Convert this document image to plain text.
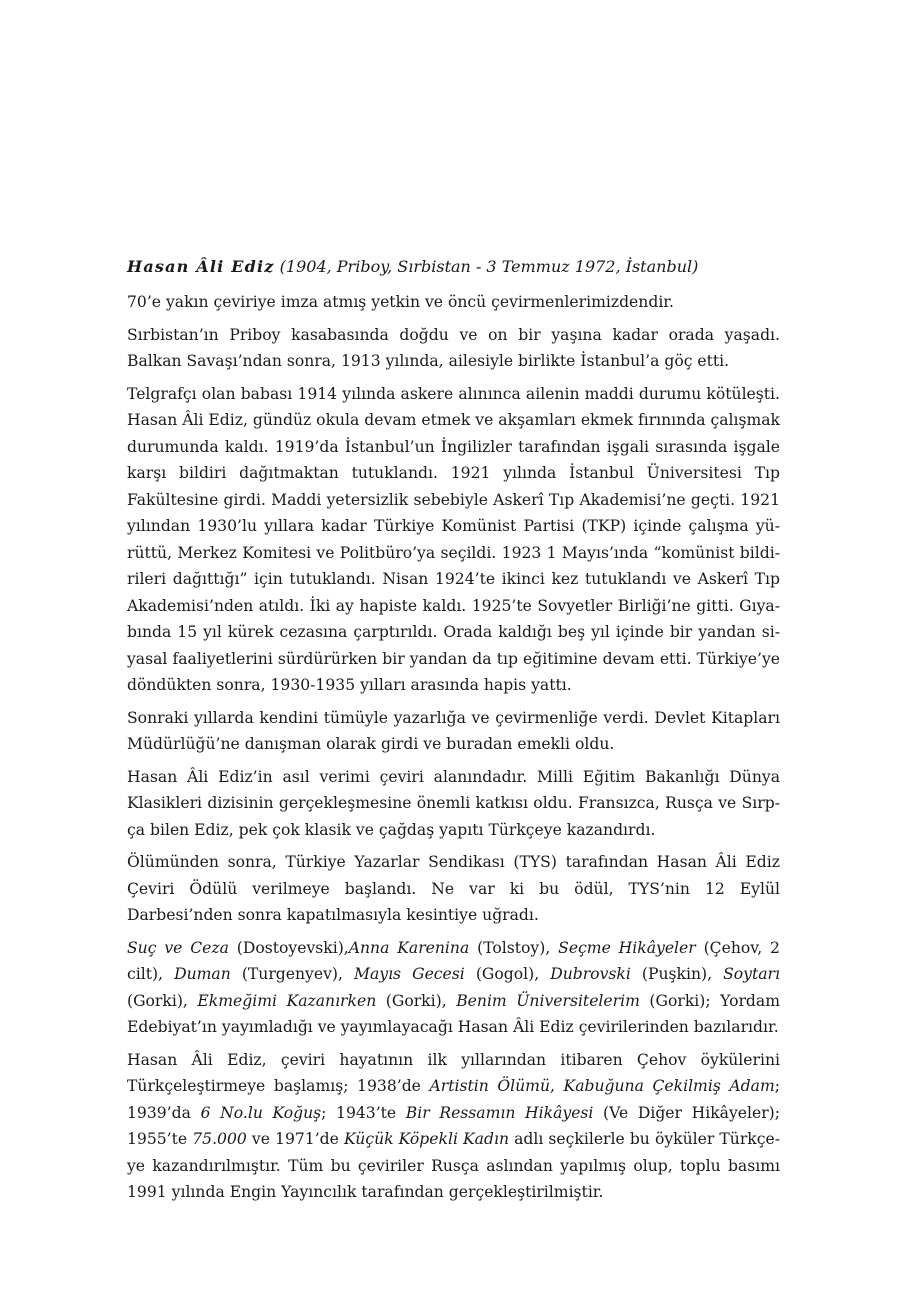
Hasan Âli Ediz (1904, Priboy, Sırbistan - 3 Temmuz 1972, İstanbul)

70’e yakın çeviriye imza atmış yetkin ve öncü çevirmenlerimizdendir.

Sırbistan’ın Priboy kasabasında doğdu ve on bir yaşına kadar orada yaşadı. Balkan Savaşı’ndan sonra, 1913 yılında, ailesiyle birlikte İstanbul’a göç etti.

Telgrafçı olan babası 1914 yılında askere alınınca ailenin maddi durumu kötüleşti. Hasan Âli Ediz, gündüz okula devam etmek ve akşamları ekmek fırınında çalışmak durumunda kaldı. 1919’da İstanbul’un İngilizler tarafından işgali sırasında işgale karşı bildiri dağıtmaktan tutuklandı. 1921 yılında İstanbul Üniversitesi Tıp Fakültesine girdi. Maddi yetersizlik sebebiyle Askerî Tıp Akademisi’ne geçti. 1921 yılından 1930’lu yıllara kadar Türkiye Komünist Partisi (TKP) içinde çalışma yürüttü, Merkez Komitesi ve Politbüro’ya seçildi. 1923 1 Mayıs’ında “komünist bildirileri dağıttığı” için tutuklandı. Nisan 1924’te ikinci kez tutuklandı ve Askerî Tıp Akademisi’nden atıldı. İki ay hapiste kaldı. 1925’te Sovyetler Birliği’ne gitti. Gıyabında 15 yıl kürek cezasına çarptırıldı. Orada kaldığı beş yıl içinde bir yandan siyasal faaliyetlerini sürdürürken bir yandan da tıp eğitimine devam etti. Türkiye’ye döndükten sonra, 1930-1935 yılları arasında hapis yattı.

Sonraki yıllarda kendini tümüyle yazarlığa ve çevirmenliğe verdi. Devlet Kitapları Müdürlüğü’ne danışman olarak girdi ve buradan emekli oldu.

Hasan Âli Ediz’in asıl verimi çeviri alanındadır. Milli Eğitim Bakanlığı Dünya Klasikleri dizisinin gerçekleşmesine önemli katkısı oldu. Fransızca, Rusça ve Sırpça bilen Ediz, pek çok klasik ve çağdaş yapıtı Türkçeye kazandırdı.

Ölümünden sonra, Türkiye Yazarlar Sendikası (TYS) tarafından Hasan Âli Ediz Çeviri Ödülü verilmeye başlandı. Ne var ki bu ödül, TYS’nin 12 Eylül Darbesi’nden sonra kapatılmasıyla kesintiye uğradı.

Suç ve Ceza (Dostoyevski),Anna Karenina (Tolstoy), Seçme Hikâyeler (Çehov, 2 cilt), Duman (Turgenyev), Mayıs Gecesi (Gogol), Dubrovski (Puşkin), Soytarı (Gorki), Ekmeğimi Kazanırken (Gorki), Benim Üniversitelerim (Gorki); Yordam Edebiyat’ın yayımladığı ve yayımlayacağı Hasan Âli Ediz çevirilerinden bazılarıdır.

Hasan Âli Ediz, çeviri hayatının ilk yıllarından itibaren Çehov öykülerini Türkçeleştirmeye başlamış; 1938’de Artistin Ölümü, Kabuğuna Çekilmiş Adam; 1939’da 6 No.lu Koğuş; 1943’te Bir Ressamın Hikâyesi (Ve Diğer Hikâyeler); 1955’te 75.000 ve 1971’de Küçük Köpekli Kadın adlı seçkilerle bu öyküler Türkçeye kazandırılmıştır. Tüm bu çeviriler Rusça aslından yapılmış olup, toplu basımı 1991 yılında Engin Yayıncılık tarafından gerçekleştirilmiştir.
